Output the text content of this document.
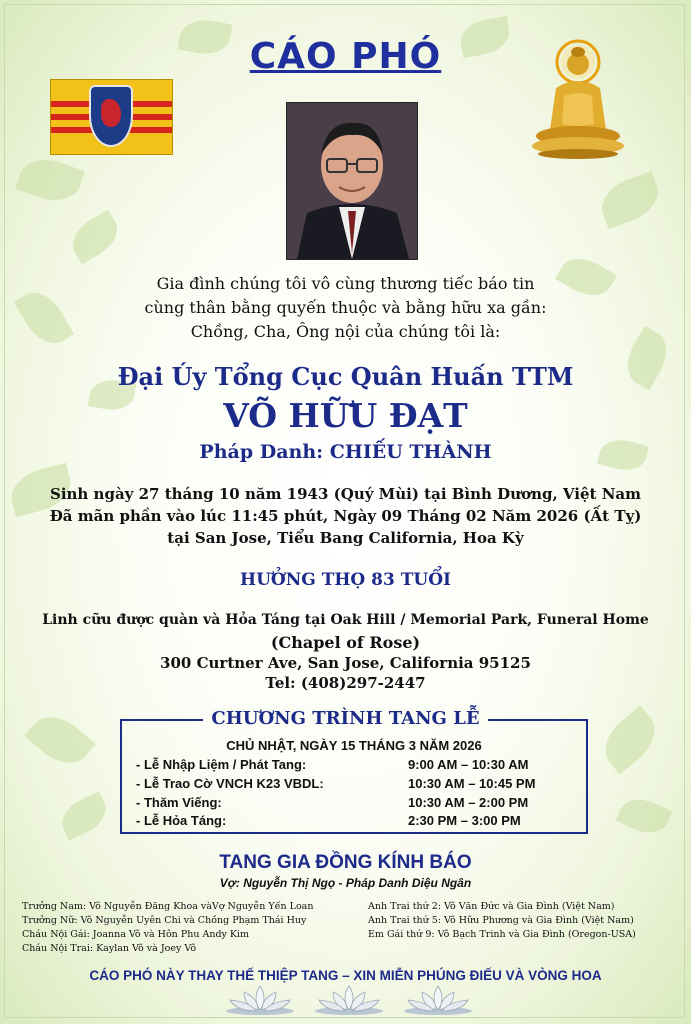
CÁO PHÓ
Gia đình chúng tôi vô cùng thương tiếc báo tin
cùng thân bằng quyến thuộc và bằng hữu xa gần:
Chồng, Cha, Ông nội của chúng tôi là:
Đại Úy Tổng Cục Quân Huấn TTM
VÕ HỮU ĐẠT
Pháp Danh: CHIẾU THÀNH
Sinh ngày 27 tháng 10 năm 1943 (Quý Mùi) tại Bình Dương, Việt Nam
Đã mãn phần vào lúc 11:45 phút, Ngày 09 Tháng 02 Năm 2026 (Ất Tỵ)
tại San Jose, Tiểu Bang California, Hoa Kỳ
HƯỞNG THỌ 83 TUỔI
Linh cữu được quàn và Hỏa Táng tại Oak Hill / Memorial Park, Funeral Home
(Chapel of Rose)
300 Curtner Ave, San Jose, California 95125
Tel: (408)297-2447
CHƯƠNG TRÌNH TANG LỄ
CHỦ NHẬT, NGÀY 15 THÁNG 3 NĂM 2026
- Lễ Nhập Liệm / Phát Tang:	9:00 AM – 10:30 AM
- Lễ Trao Cờ VNCH K23 VBDL:	10:30 AM – 10:45 PM
- Thăm Viếng:	10:30 AM – 2:00 PM
- Lễ Hỏa Táng:	2:30 PM – 3:00 PM
TANG GIA ĐỒNG KÍNH BÁO
Vợ: Nguyễn Thị Ngọ - Pháp Danh Diệu Ngân
Trưởng Nam: Võ Nguyễn Đăng Khoa vàVợ Nguyễn Yến Loan
Trưởng Nữ: Võ Nguyễn Uyên Chi và Chồng Phạm Thái Huy
Cháu Nội Gái: Joanna Võ và Hôn Phu Andy Kim
Cháu Nội Trai: Kaylan Võ và Joey Võ
Anh Trai thứ 2: Võ Văn Đức và Gia Đình (Việt Nam)
Anh Trai thứ 5: Võ Hữu Phương và Gia Đình (Việt Nam)
Em Gái thứ 9: Võ Bạch Trinh và Gia Đình (Oregon-USA)
CÁO PHÓ NÀY THAY THẾ THIỆP TANG – XIN MIỄN PHÚNG ĐIẾU VÀ VÒNG HOA
